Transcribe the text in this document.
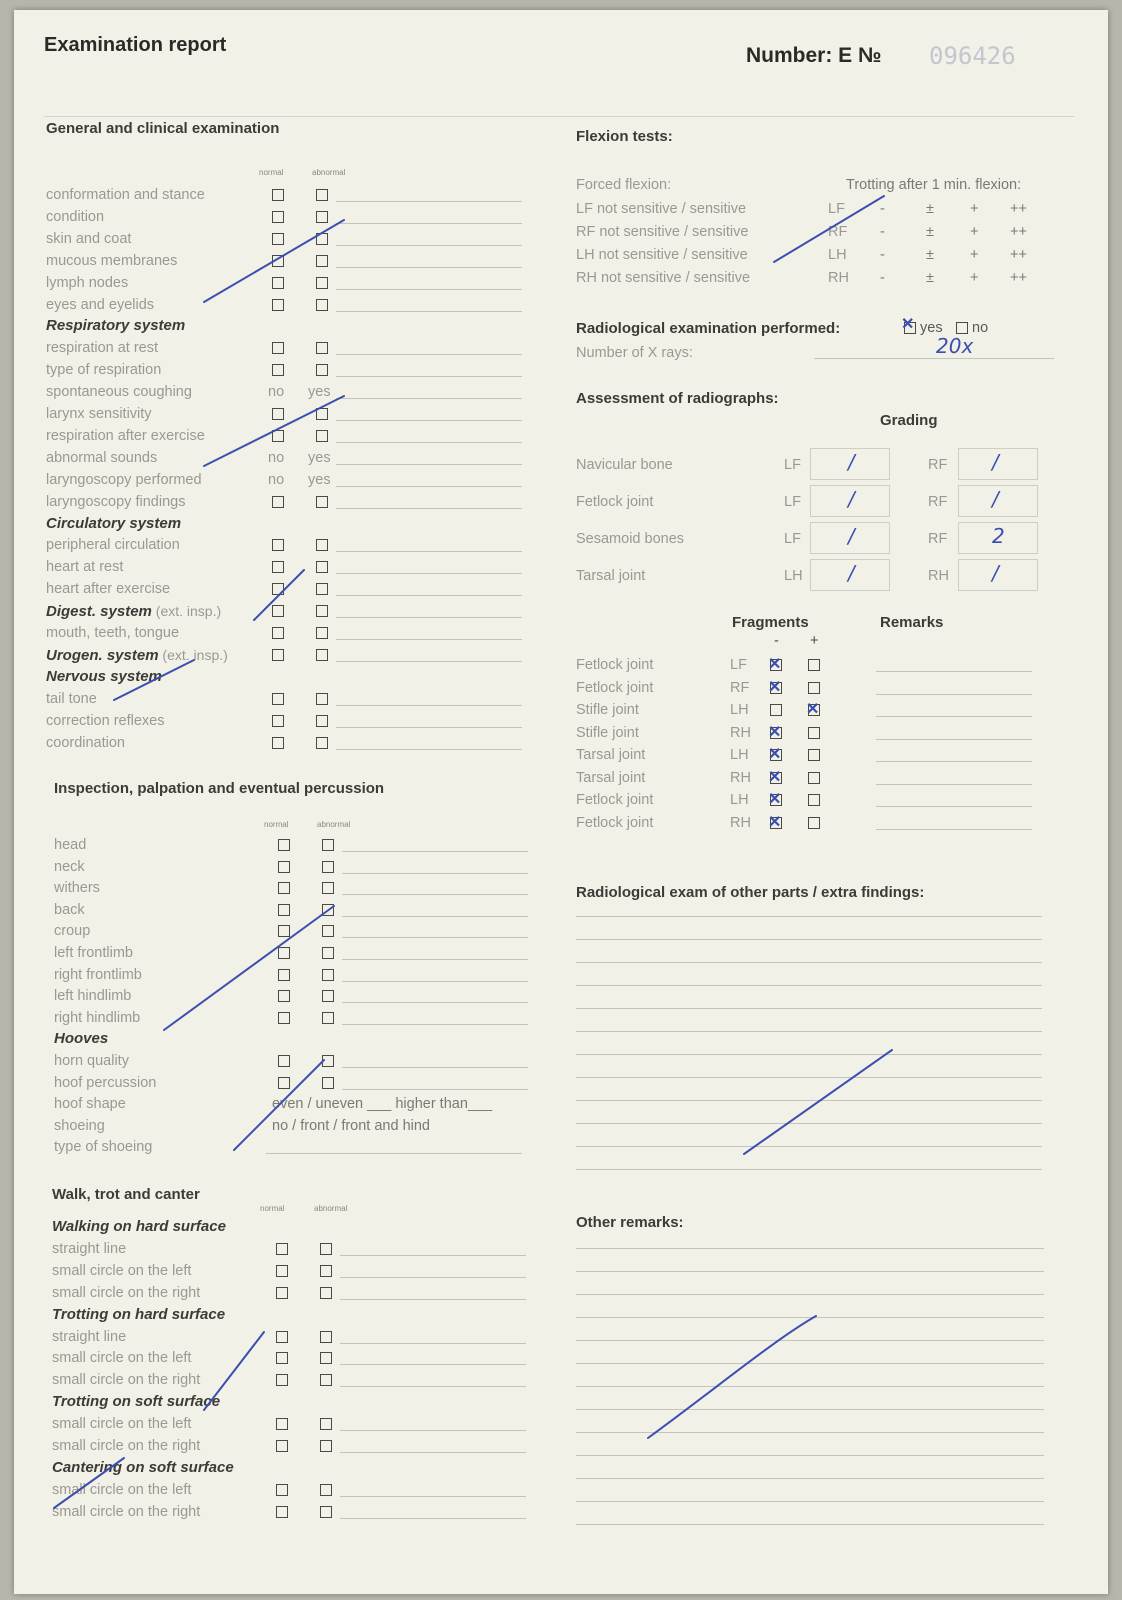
Examination report	Number: E № 096426
General and clinical examination
normal	abnormal
conformation and stance
condition
skin and coat
mucous membranes
lymph nodes
eyes and eyelids
Respiratory system
respiration at rest
type of respiration
spontaneous coughing	no yes
larynx sensitivity
respiration after exercise
abnormal sounds	no yes
laryngoscopy performed	no yes
laryngoscopy findings
Circulatory system
peripheral circulation
heart at rest
heart after exercise
Digest. system (ext. insp.)
mouth, teeth, tongue
Urogen. system (ext. insp.)
Nervous system
tail tone
correction reflexes
coordination
Inspection, palpation and eventual percussion
normal	abnormal
head
neck
withers
back
croup
left frontlimb
right frontlimb
left hindlimb
right hindlimb
Hooves
horn quality
hoof percussion
hoof shape	even / uneven ___ higher than___
shoeing	no / front / front and hind
type of shoeing
Walk, trot and canter
normal	abnormal
Walking on hard surface
straight line
small circle on the left
small circle on the right
Trotting on hard surface
straight line
small circle on the left
small circle on the right
Trotting on soft surface
small circle on the left
small circle on the right
Cantering on soft surface
small circle on the left
small circle on the right
Flexion tests:
Forced flexion:	Trotting after 1 min. flexion:
LF not sensitive / sensitive	LF -	± + ++
RF not sensitive / sensitive	RF -	± + ++
LH not sensitive / sensitive	LH -	± + ++
RH not sensitive / sensitive	RH -	± + ++
Radiological examination performed:	✕ yes no
Number of X rays:	20x
Assessment of radiographs:
Grading
Navicular bone	LF /	RF /
Fetlock joint	LF /	RF /
Sesamoid bones	LF /	RF 2
Tarsal joint	LH /	RH /
Fragments	Remarks
- +
Fetlock joint	LF ✕
Fetlock joint	RF ✕
Stifle joint	LH	✕
Stifle joint	RH ✕
Tarsal joint	LH ✕
Tarsal joint	RH ✕
Fetlock joint	LH ✕
Fetlock joint	RH ✕
Radiological exam of other parts / extra findings:
Other remarks:
